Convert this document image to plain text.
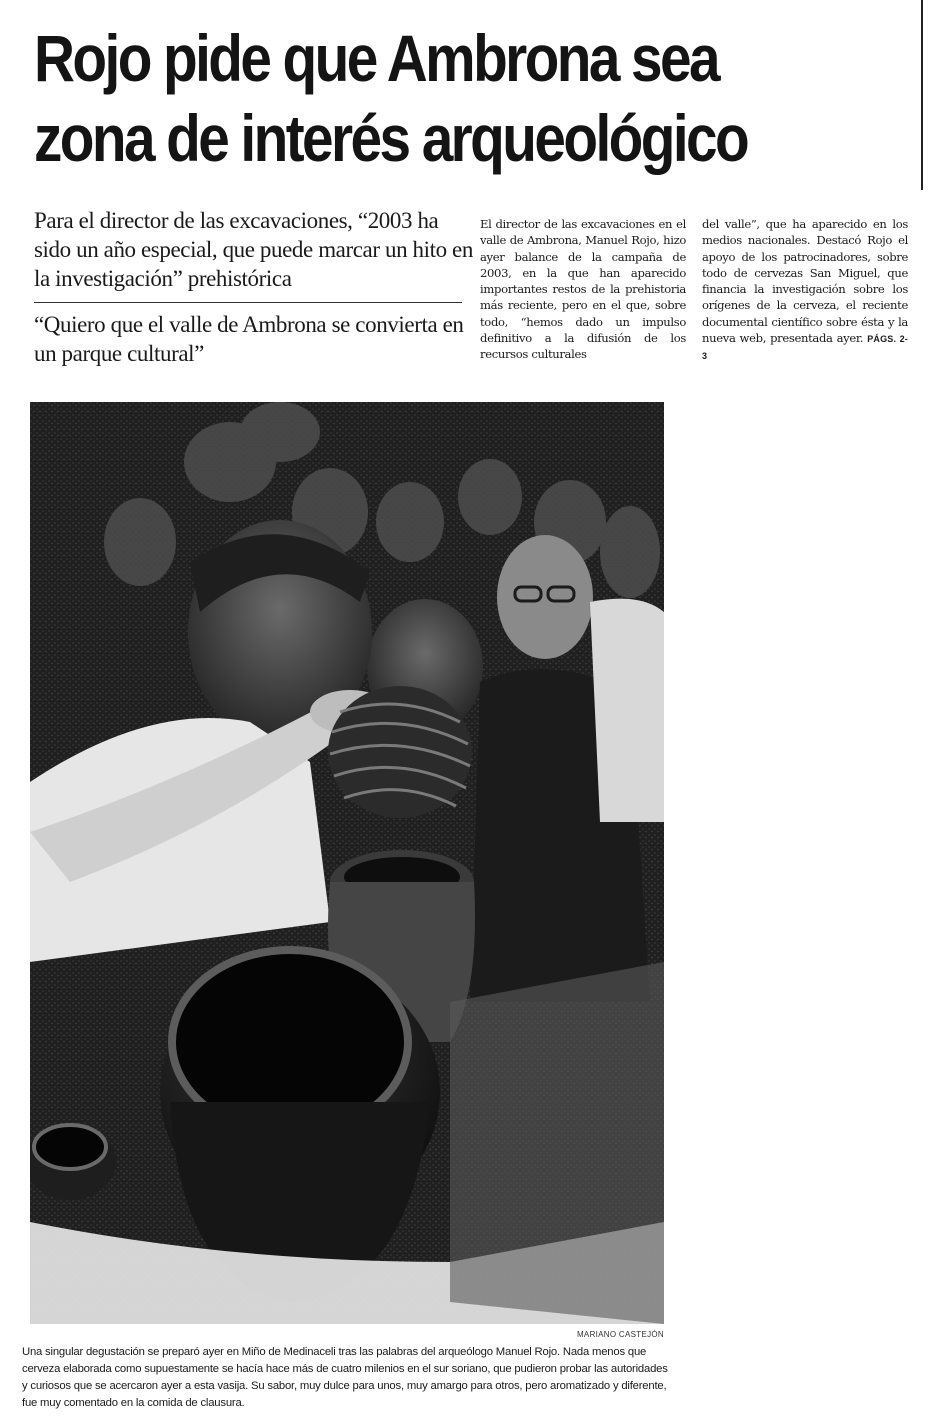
Rojo pide que Ambrona sea
zona de interés arqueológico
Para el director de las excavaciones, “2003 ha sido un año especial, que puede marcar un hito en la investigación” prehistórica
“Quiero que el valle de Ambrona se convierta en un parque cultural”
El director de las excavaciones en el valle de Ambrona, Manuel Rojo, hizo ayer balance de la campaña de 2003, en la que han aparecido importantes restos de la prehistoria más reciente, pero en el que, sobre todo, “hemos dado un impulso definitivo a la difusión de los recursos culturales
del valle”, que ha aparecido en los medios nacionales. Destacó Rojo el apoyo de los patrocinadores, sobre todo de cervezas San Miguel, que financia la investigación sobre los orígenes de la cerveza, el reciente documental científico sobre ésta y la nueva web, presentada ayer. PÁGS. 2-3
MARIANO CASTEJÓN
Una singular degustación se preparó ayer en Miño de Medinaceli tras las palabras del arqueólogo Manuel Rojo. Nada menos que cerveza elaborada como supuestamente se hacía hace más de cuatro milenios en el sur soriano, que pudieron probar las autoridades y curiosos que se acercaron ayer a esta vasija. Su sabor, muy dulce para unos, muy amargo para otros, pero aromatizado y diferente, fue muy comentado en la comida de clausura.
